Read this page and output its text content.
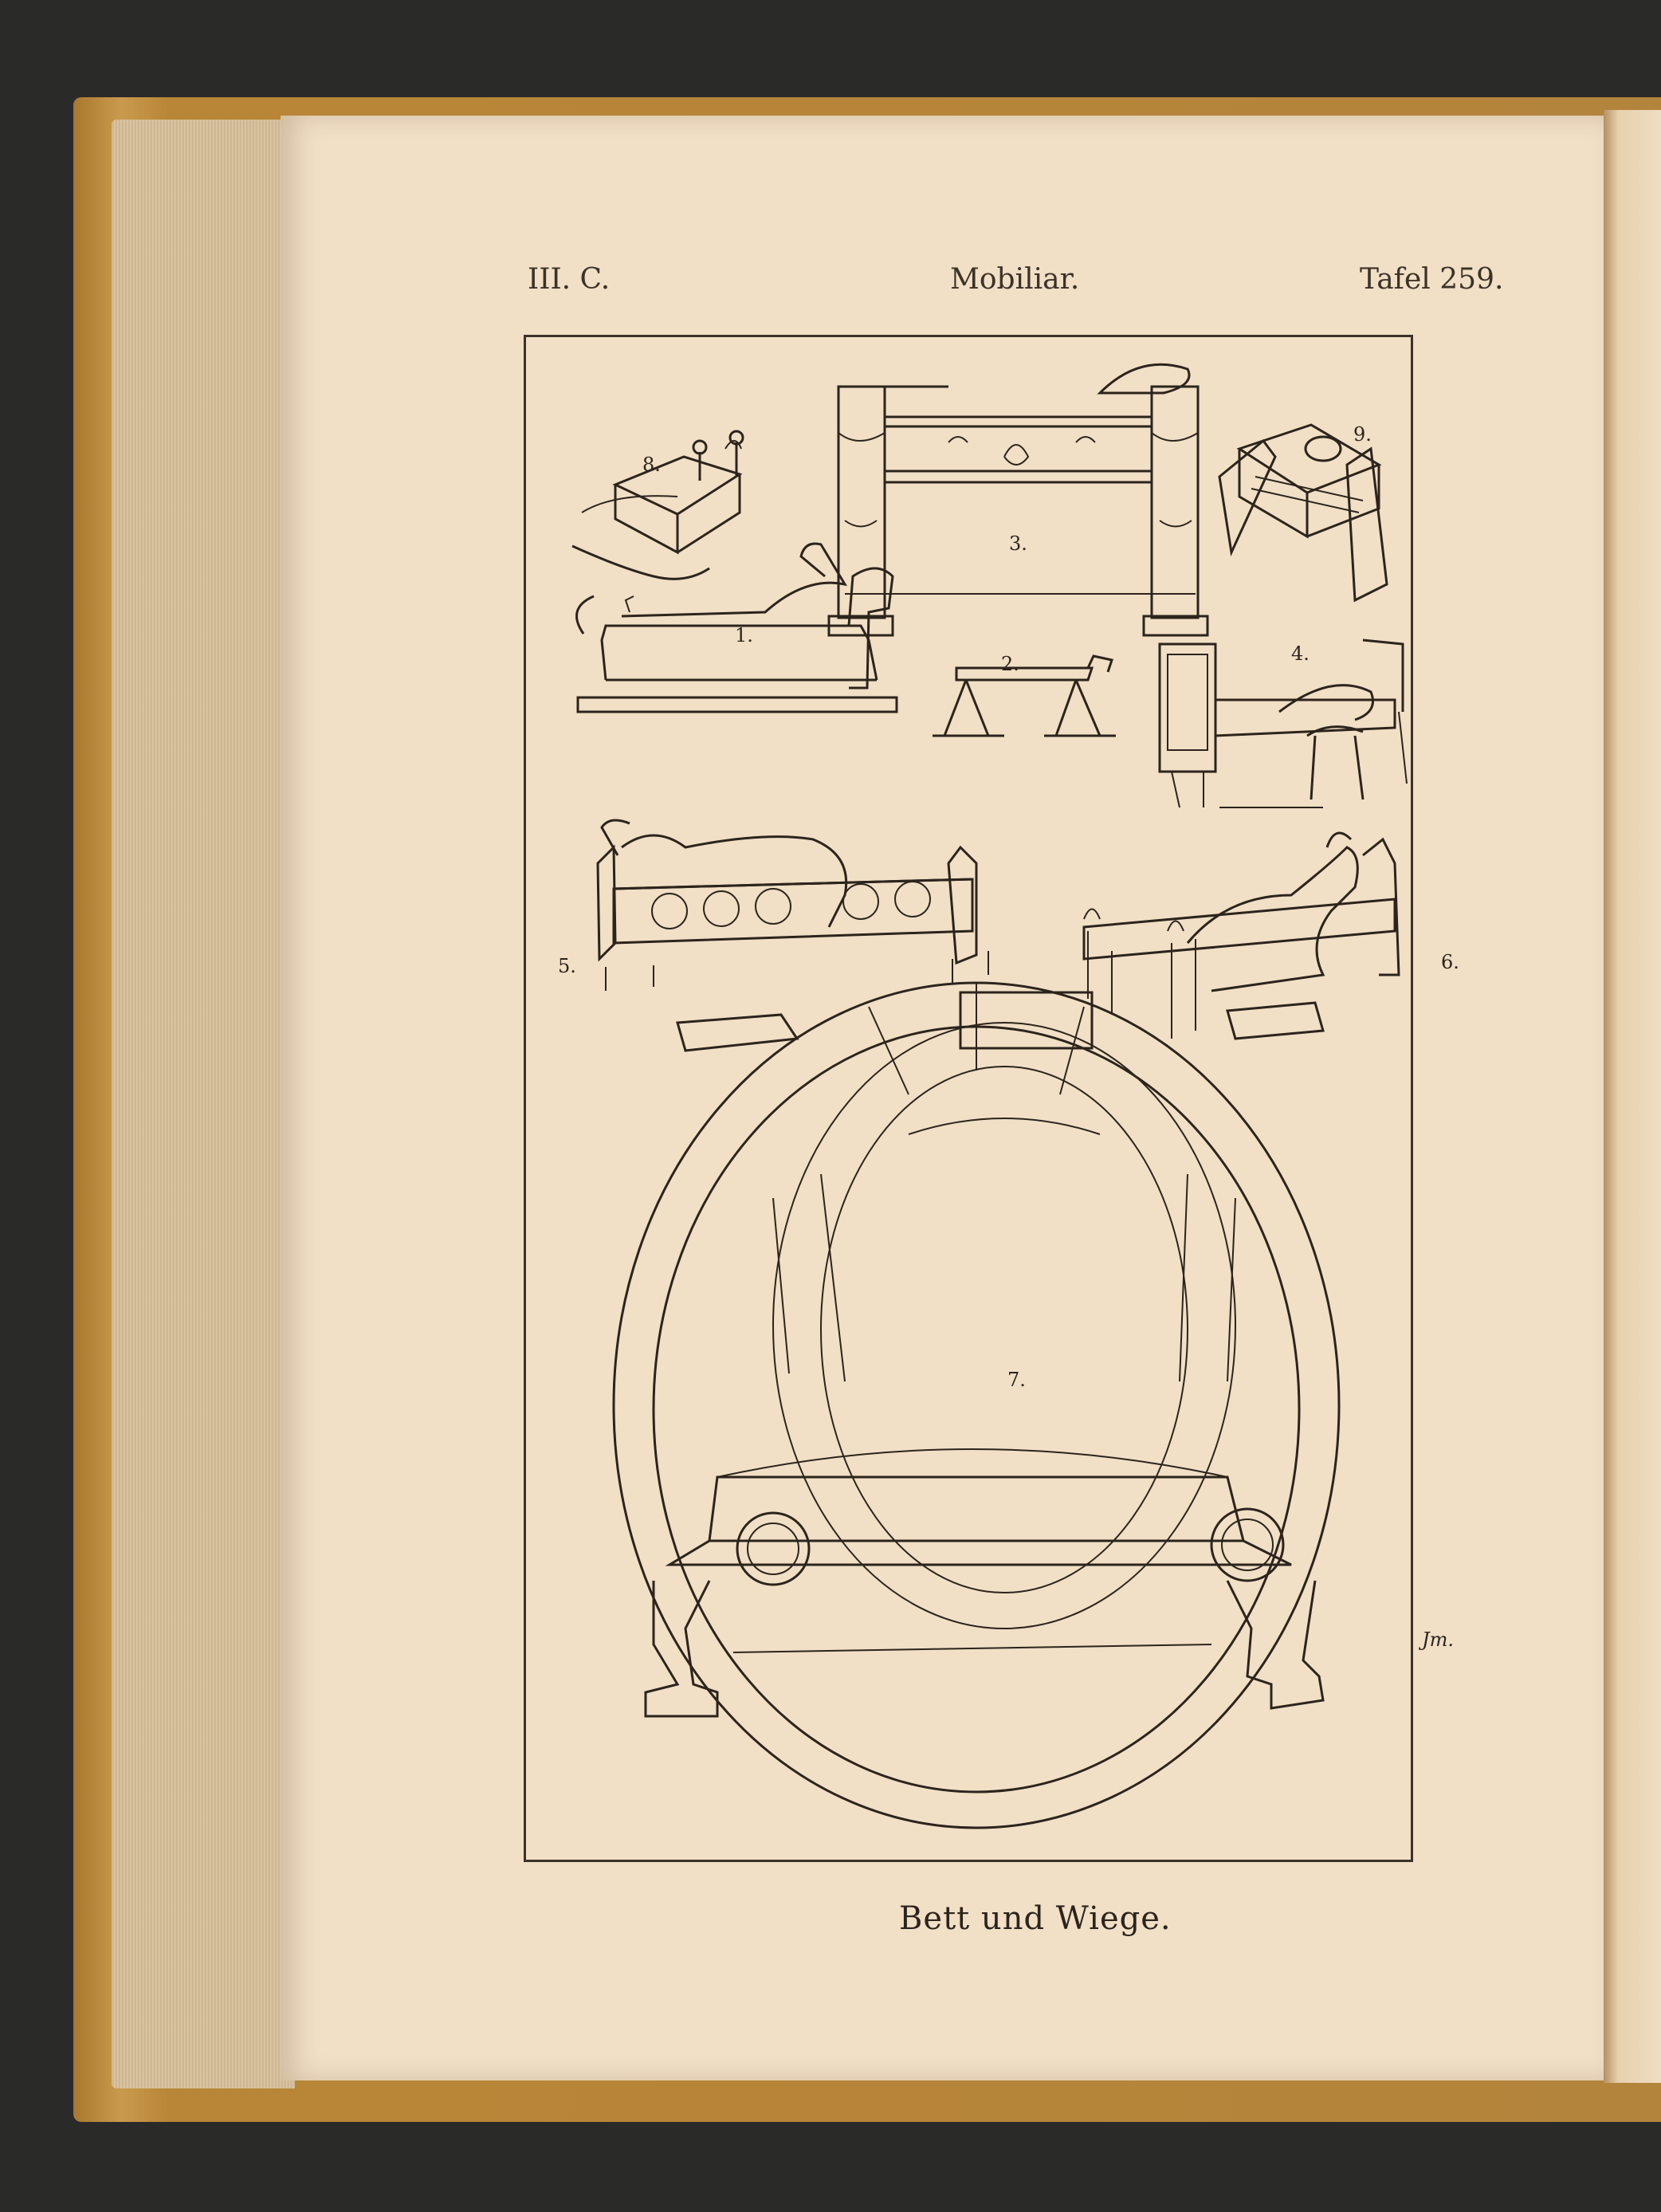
III. C.	Mobiliar.	Tafel 259.
8.
3.
9.
1.
2.	4.
5.	6.
7.
Jm.
Bett und Wiege.
